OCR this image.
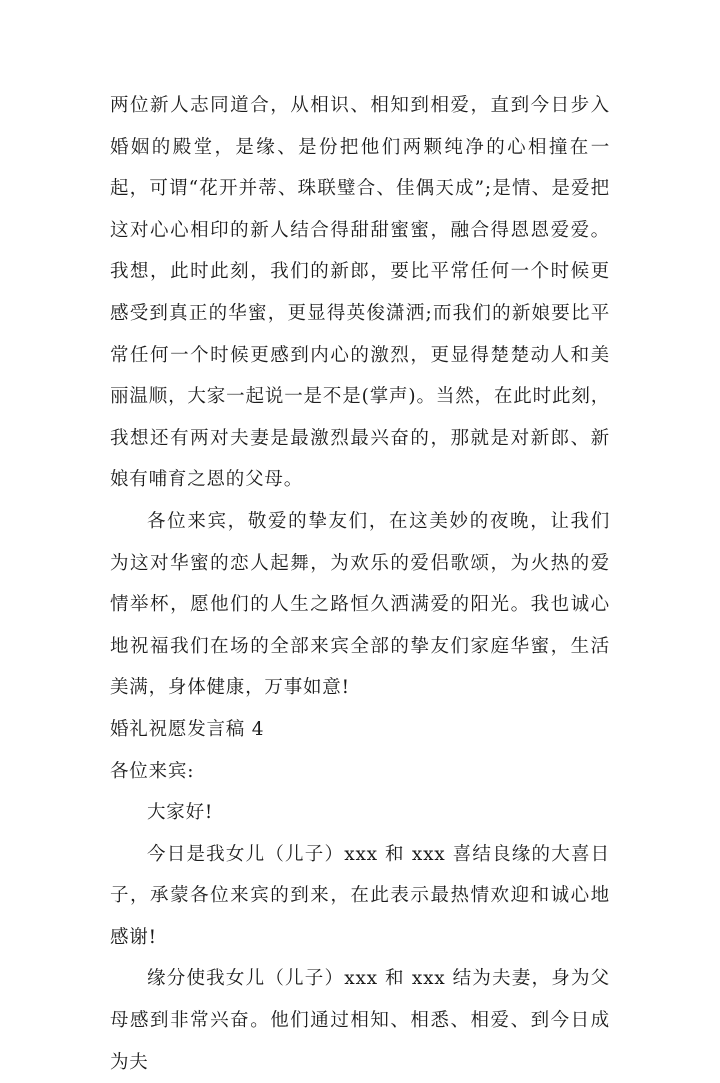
两位新人志同道合，从相识、相知到相爱，直到今日步入婚姻的殿堂，是缘、是份把他们两颗纯净的心相撞在一起，可谓“花开并蒂、珠联璧合、佳偶天成”;是情、是爱把这对心心相印的新人结合得甜甜蜜蜜，融合得恩恩爱爱。我想，此时此刻，我们的新郎，要比平常任何一个时候更感受到真正的华蜜，更显得英俊潇洒;而我们的新娘要比平常任何一个时候更感到内心的激烈，更显得楚楚动人和美丽温顺，大家一起说一是不是(掌声)。当然，在此时此刻，我想还有两对夫妻是最激烈最兴奋的，那就是对新郎、新娘有哺育之恩的父母。

各位来宾，敬爱的挚友们，在这美妙的夜晚，让我们为这对华蜜的恋人起舞，为欢乐的爱侣歌颂，为火热的爱情举杯，愿他们的人生之路恒久洒满爱的阳光。我也诚心地祝福我们在场的全部来宾全部的挚友们家庭华蜜，生活美满，身体健康，万事如意!

婚礼祝愿发言稿 4

各位来宾:

大家好!

今日是我女儿（儿子）xxx 和 xxx 喜结良缘的大喜日子，承蒙各位来宾的到来，在此表示最热情欢迎和诚心地感谢!

缘分使我女儿（儿子）xxx 和 xxx 结为夫妻，身为父母感到非常兴奋。他们通过相知、相悉、相爱、到今日成为夫
